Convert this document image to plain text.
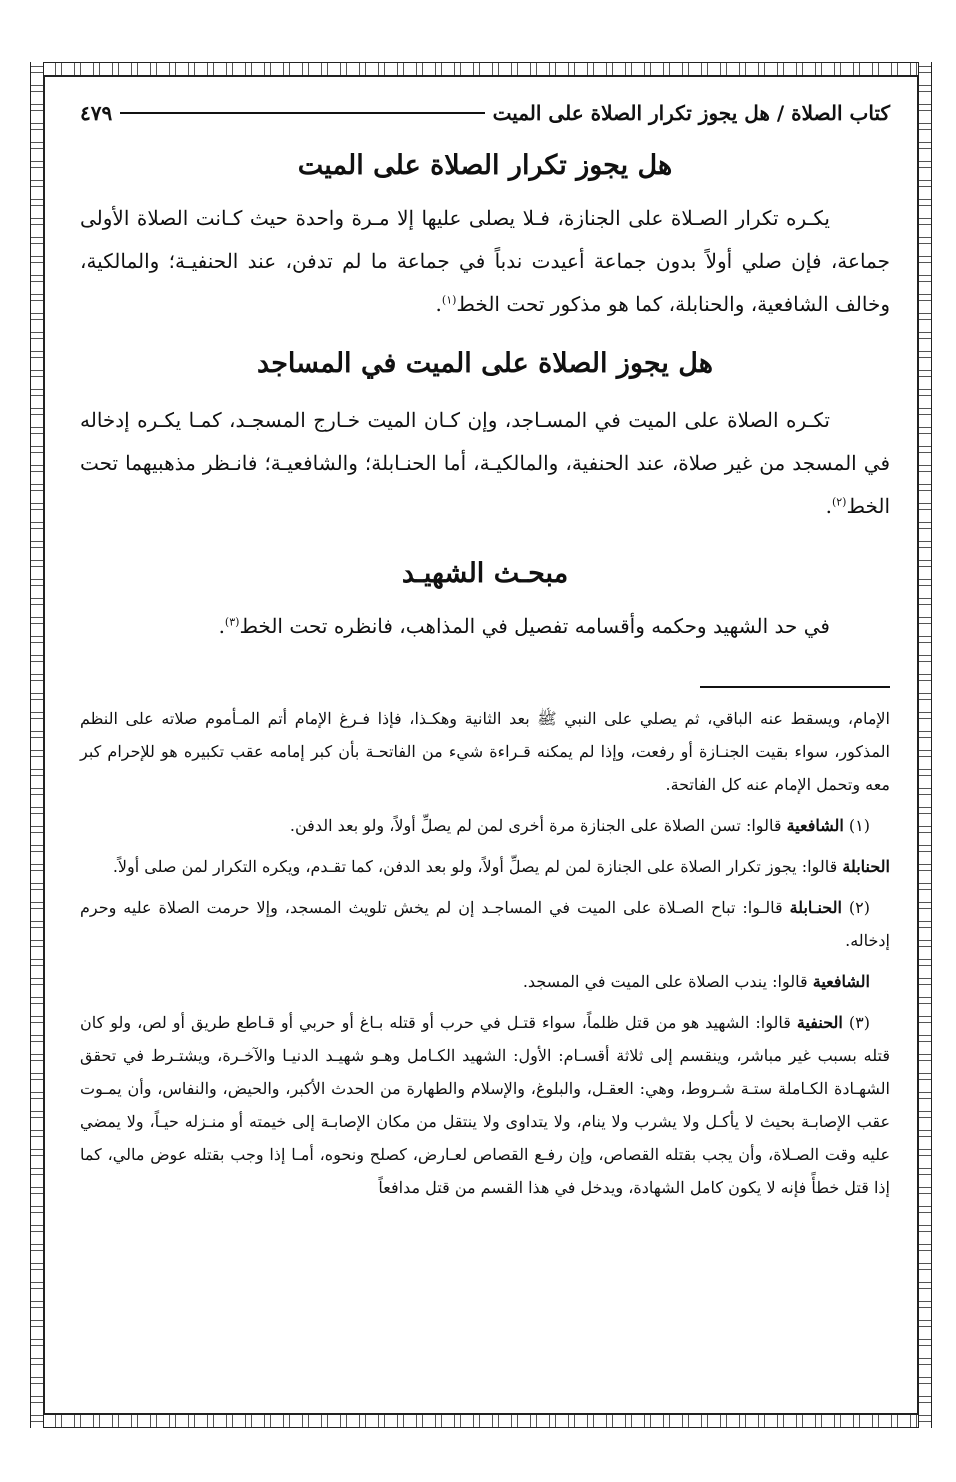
كتاب الصلاة / هل يجوز تكرار الصلاة على الميت
٤٧٩
هل يجوز تكرار الصلاة على الميت

يكـره تكرار الصـلاة على الجنازة، فـلا يصلى عليها إلا مـرة واحدة حيث كـانت الصلاة الأولى جماعة، فإن صلي أولاً بدون جماعة أعيدت ندباً في جماعة ما لم تدفن، عند الحنفيـة؛ والمالكية، وخالف الشافعية، والحنابلة، كما هو مذكور تحت الخط$^{(١)}$.

هل يجوز الصلاة على الميت في المساجد

تكـره الصلاة على الميت في المسـاجد، وإن كـان الميت خـارج المسجـد، كمـا يكـره إدخاله في المسجد من غير صلاة، عند الحنفية، والمالكيـة، أما الحنـابلة؛ والشافعيـة؛ فانـظر مذهبيهما تحت الخط$^{(٢)}$.

مبحـث الشهيـد

في حد الشهيد وحكمه وأقسامه تفصيل في المذاهب، فانظره تحت الخط$^{(٣)}$.

الإمام، ويسقط عنه الباقي، ثم يصلي على النبي ﷺ بعد الثانية وهكـذا، فإذا فـرغ الإمام أتم المـأموم صلاته على النظم المذكور، سواء بقيت الجنـازة أو رفعت، وإذا لم يمكنه قـراءة شيء من الفاتحـة بأن كبر إمامه عقب تكبيره هو للإحرام كبر معه وتحمل الإمام عنه كل الفاتحة.

(١) الشافعية قالوا: تسن الصلاة على الجنازة مرة أخرى لمن لم يصلِّ أولاً، ولو بعد الدفن.

الحنابلة قالوا: يجوز تكرار الصلاة على الجنازة لمن لم يصلِّ أولاً، ولو بعد الدفن، كما تقـدم، ويكره التكرار لمن صلى أولاً.

(٢) الحنـابلة قالـوا: تباح الصـلاة على الميت في المساجـد إن لم يخش تلويث المسجد، وإلا حرمت الصلاة عليه وحرم إدخاله.

الشافعية قالوا: يندب الصلاة على الميت في المسجد.

(٣) الحنفية قالوا: الشهيد هو من قتل ظلماً، سواء قتـل في حرب أو قتله بـاغ أو حربي أو قـاطع طريق أو لص، ولو كان قتله بسبب غير مباشر، وينقسم إلى ثلاثة أقسـام: الأول: الشهيد الكـامل وهـو شهيـد الدنيـا والآخـرة، ويشتـرط في تحقق الشهـادة الكـاملة ستـة شـروط، وهي: العقـل، والبلوغ، والإسلام والطهارة من الحدث الأكبر، والحيض، والنفاس، وأن يمـوت عقب الإصابـة بحيث لا يأكـل ولا يشرب ولا ينام، ولا يتداوى ولا ينتقل من مكان الإصابـة إلى خيمته أو منـزله حيـاً، ولا يمضي عليه وقت الصـلاة، وأن يجب بقتله القصاص، وإن رفـع القصاص لعـارض، كصلح ونحوه، أمـا إذا وجب بقتله عوض مالي، كما إذا قتل خطأً فإنه لا يكون كامل الشهادة، ويدخل في هذا القسم من قتل مدافعاً
